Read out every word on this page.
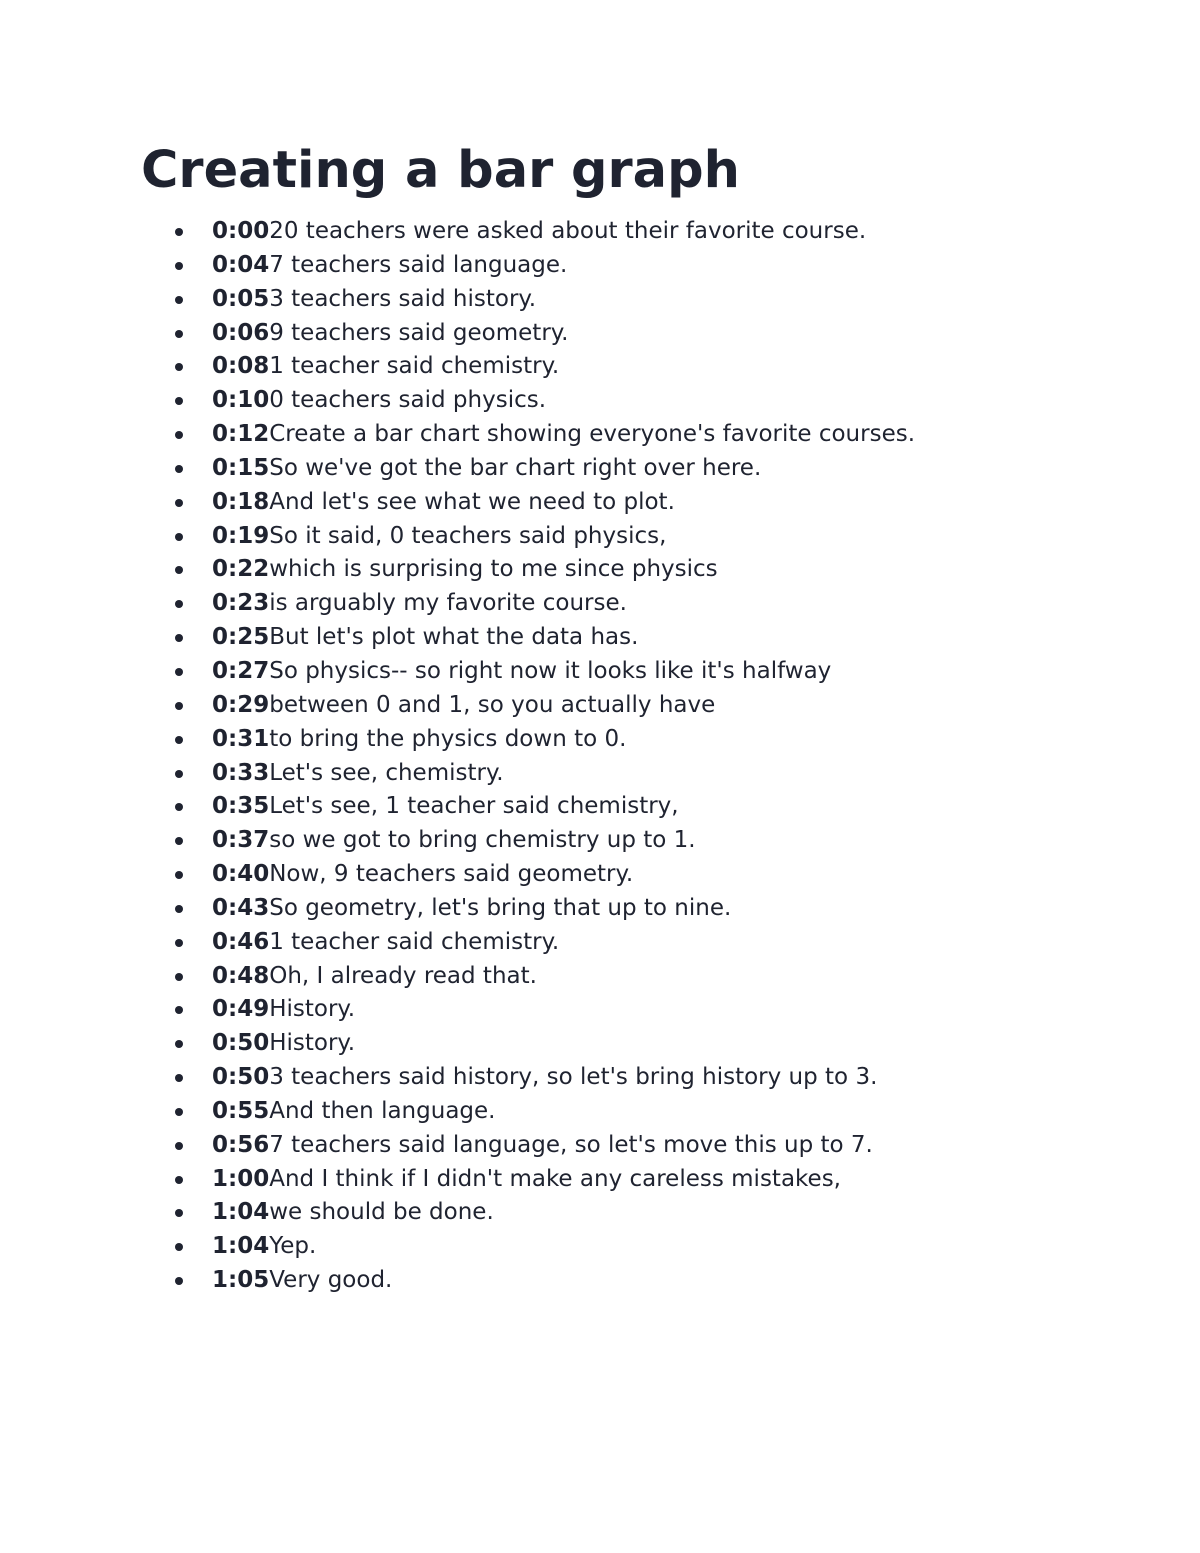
Creating a bar graph
0:0020 teachers were asked about their favorite course.
0:047 teachers said language.
0:053 teachers said history.
0:069 teachers said geometry.
0:081 teacher said chemistry.
0:100 teachers said physics.
0:12Create a bar chart showing everyone's favorite courses.
0:15So we've got the bar chart right over here.
0:18And let's see what we need to plot.
0:19So it said, 0 teachers said physics,
0:22which is surprising to me since physics
0:23is arguably my favorite course.
0:25But let's plot what the data has.
0:27So physics-- so right now it looks like it's halfway
0:29between 0 and 1, so you actually have
0:31to bring the physics down to 0.
0:33Let's see, chemistry.
0:35Let's see, 1 teacher said chemistry,
0:37so we got to bring chemistry up to 1.
0:40Now, 9 teachers said geometry.
0:43So geometry, let's bring that up to nine.
0:461 teacher said chemistry.
0:48Oh, I already read that.
0:49History.
0:50History.
0:503 teachers said history, so let's bring history up to 3.
0:55And then language.
0:567 teachers said language, so let's move this up to 7.
1:00And I think if I didn't make any careless mistakes,
1:04we should be done.
1:04Yep.
1:05Very good.
